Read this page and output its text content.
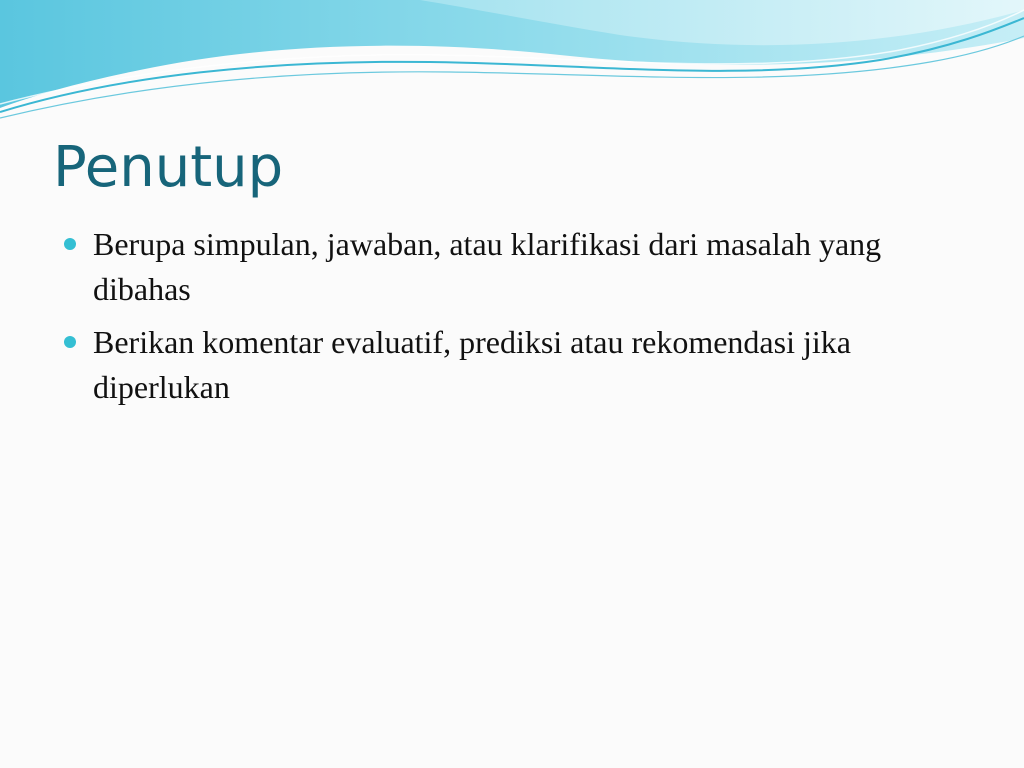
Penutup
Berupa simpulan, jawaban, atau klarifikasi dari masalah yang dibahas
Berikan komentar evaluatif, prediksi atau rekomendasi jika diperlukan
